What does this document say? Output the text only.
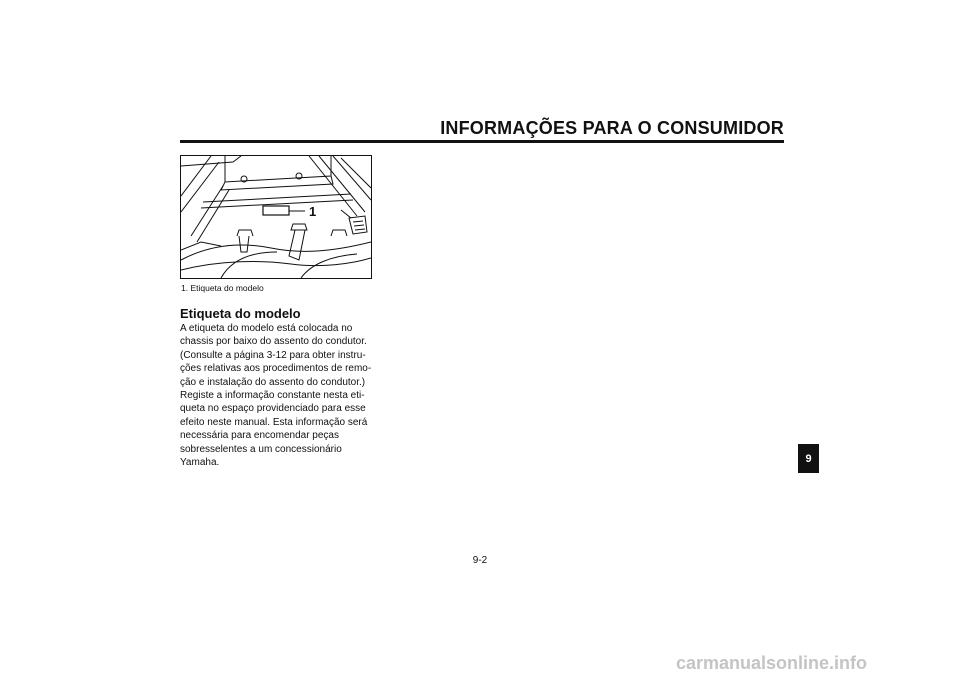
INFORMAÇÕES PARA O CONSUMIDOR
1

1. Etiqueta do modelo

Etiqueta do modelo
A etiqueta do modelo está colocada no
chassis por baixo do assento do condutor.
(Consulte a página 3-12 para obter instru-
ções relativas aos procedimentos de remo-
ção e instalação do assento do condutor.)
Registe a informação constante nesta eti-
queta no espaço providenciado para esse
efeito neste manual. Esta informação será
necessária para encomendar peças
sobresselentes a um concessionário
Yamaha.	9

9-2

carmanualsonline.info
